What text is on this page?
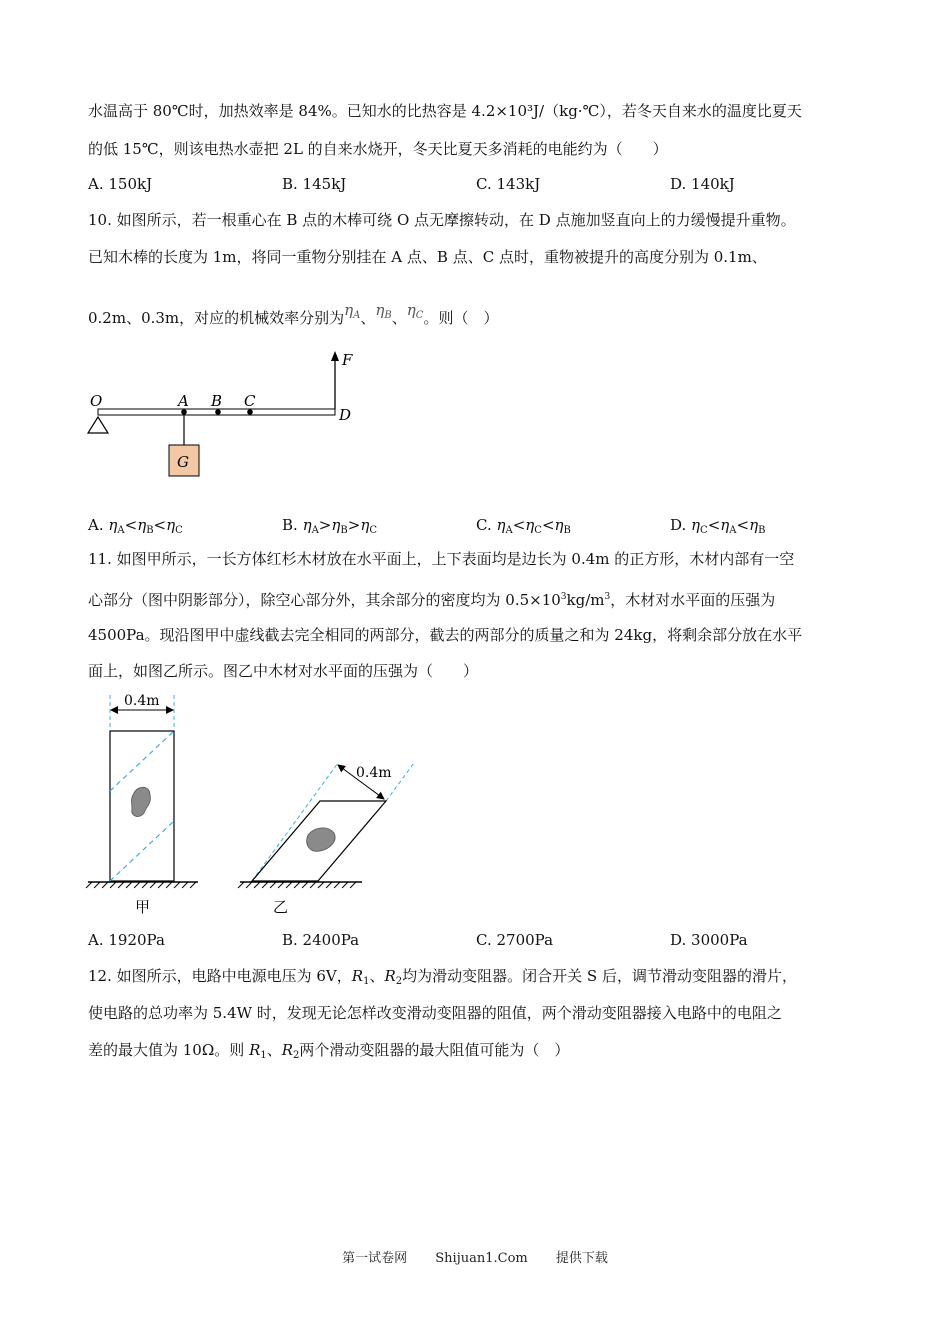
水温高于 80℃时，加热效率是 84%。已知水的比热容是 4.2×10³J/（kg·℃），若冬天自来水的温度比夏天
的低 15℃，则该电热水壶把 2L 的自来水烧开，冬天比夏天多消耗的电能约为（　　）
A. 150kJ	B. 145kJ	C. 143kJ	D. 140kJ
10. 如图所示，若一根重心在 B 点的木棒可绕 O 点无摩擦转动，在 D 点施加竖直向上的力缓慢提升重物。
已知木棒的长度为 1m，将同一重物分别挂在 A 点、B 点、C 点时，重物被提升的高度分别为 0.1m、
0.2m、0.3m，对应的机械效率分别为$\eta_A$、$\eta_B$、$\eta_C$。则（　）
F
O	A B C
D
G
A. $\eta_A<\eta_B<\eta_C$	B. $\eta_A>\eta_B>\eta_C$	C. $\eta_A<\eta_C<\eta_B$	D. $\eta_C<\eta_A<\eta_B$
11. 如图甲所示，一长方体红杉木材放在水平面上，上下表面均是边长为 0.4m 的正方形，木材内部有一空
心部分（图中阴影部分），除空心部分外，其余部分的密度均为 $0.5\times 10^3kg/m^3$，木材对水平面的压强为
4500Pa。现沿图甲中虚线截去完全相同的两部分，截去的两部分的质量之和为 24kg，将剩余部分放在水平
面上，如图乙所示。图乙中木材对水平面的压强为（　　）
0.4m
甲
0.4m
乙
A. 1920Pa	B. 2400Pa	C. 2700Pa	D. 3000Pa
12. 如图所示，电路中电源电压为 6V，$R_1$、$R_2$均为滑动变阻器。闭合开关 S 后，调节滑动变阻器的滑片，
使电路的总功率为 5.4W 时，发现无论怎样改变滑动变阻器的阻值，两个滑动变阻器接入电路中的电阻之
差的最大值为 10Ω。则 $R_1$、$R_2$两个滑动变阻器的最大阻值可能为（　）
第一试卷网 Shijuan1.Com 提供下载
